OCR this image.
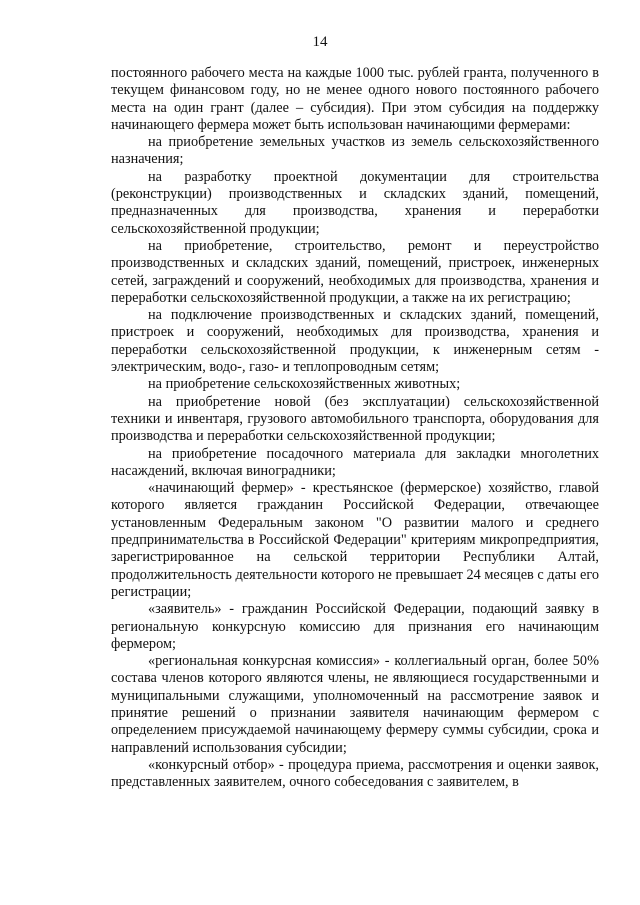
14

постоянного рабочего места на каждые 1000 тыс. рублей гранта, полученного в текущем финансовом году, но не менее одного нового постоянного рабочего места на один грант (далее – субсидия). При этом субсидия на поддержку начинающего фермера может быть использован начинающими фермерами:

на приобретение земельных участков из земель сельскохозяйственного назначения;

на разработку проектной документации для строительства (реконструкции) производственных и складских зданий, помещений, предназначенных для производства, хранения и переработки сельскохозяйственной продукции;

на приобретение, строительство, ремонт и переустройство производственных и складских зданий, помещений, пристроек, инженерных сетей, заграждений и сооружений, необходимых для производства, хранения и переработки сельскохозяйственной продукции, а также на их регистрацию;

на подключение производственных и складских зданий, помещений, пристроек и сооружений, необходимых для производства, хранения и переработки сельскохозяйственной продукции, к инженерным сетям - электрическим, водо-, газо- и теплопроводным сетям;

на приобретение сельскохозяйственных животных;

на приобретение новой (без эксплуатации) сельскохозяйственной техники и инвентаря, грузового автомобильного транспорта, оборудования для производства и переработки сельскохозяйственной продукции;

на приобретение посадочного материала для закладки многолетних насаждений, включая виноградники;

«начинающий фермер» - крестьянское (фермерское) хозяйство, главой которого является гражданин Российской Федерации, отвечающее установленным Федеральным законом "О развитии малого и среднего предпринимательства в Российской Федерации" критериям микропредприятия, зарегистрированное на сельской территории Республики Алтай, продолжительность деятельности которого не превышает 24 месяцев с даты его регистрации;

«заявитель» - гражданин Российской Федерации, подающий заявку в региональную конкурсную комиссию для признания его начинающим фермером;

«региональная конкурсная комиссия» - коллегиальный орган, более 50% состава членов которого являются члены, не являющиеся государственными и муниципальными служащими, уполномоченный на рассмотрение заявок и принятие решений о признании заявителя начинающим фермером с определением присуждаемой начинающему фермеру суммы субсидии, срока и направлений использования субсидии;

«конкурсный отбор» - процедура приема, рассмотрения и оценки заявок, представленных заявителем, очного собеседования с заявителем, в
